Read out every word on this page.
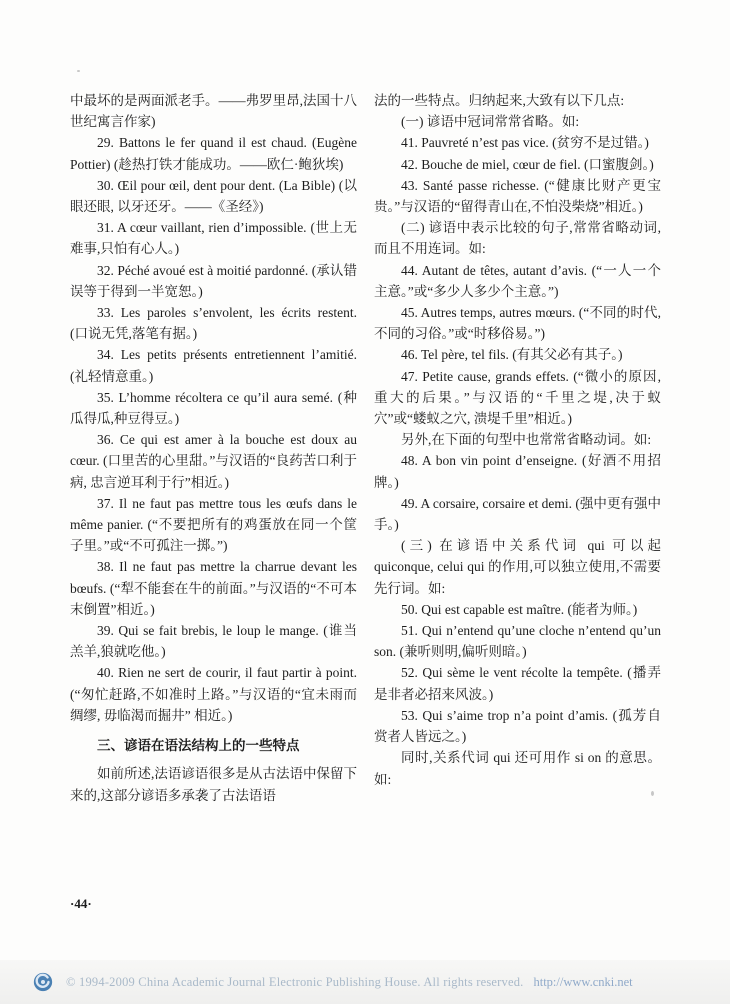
中最坏的是两面派老手。——弗罗里昂,法国十八世纪寓言作家)

29. Battons le fer quand il est chaud. (Eugène Pottier) (趁热打铁才能成功。——欧仁·鲍狄埃)

30. Œil pour œil, dent pour dent. (La Bible) (以眼还眼, 以牙还牙。——《圣经》)

31. A cœur vaillant, rien d’impossible. (世上无难事,只怕有心人。)

32. Péché avoué est à moitié pardonné. (承认错误等于得到一半宽恕。)

33. Les paroles s’envolent, les écrits restent. (口说无凭,落笔有据。)

34. Les petits présents entretiennent l’amitié. (礼轻情意重。)

35. L’homme récoltera ce qu’il aura semé. (种瓜得瓜,种豆得豆。)

36. Ce qui est amer à la bouche est doux au cœur. (口里苦的心里甜。”与汉语的“良药苦口利于病, 忠言逆耳利于行”相近。)

37. Il ne faut pas mettre tous les œufs dans le même panier. (“不要把所有的鸡蛋放在同一个筐子里。”或“不可孤注一掷。”)

38. Il ne faut pas mettre la charrue devant les bœufs. (“犁不能套在牛的前面。”与汉语的“不可本末倒置”相近。)

39. Qui se fait brebis, le loup le mange. (谁当羔羊,狼就吃他。)

40. Rien ne sert de courir, il faut partir à point. (“匆忙赶路,不如准时上路。”与汉语的“宜未雨而绸缪, 毋临渴而掘井” 相近。)

三、谚语在语法结构上的一些特点

如前所述,法语谚语很多是从古法语中保留下来的,这部分谚语多承袭了古法语语

法的一些特点。归纳起来,大致有以下几点:

(一) 谚语中冠词常常省略。如:

41. Pauvreté n’est pas vice. (贫穷不是过错。)

42. Bouche de miel, cœur de fiel. (口蜜腹剑。)

43. Santé passe richesse. (“健康比财产更宝贵。”与汉语的“留得青山在,不怕没柴烧”相近。)

(二) 谚语中表示比较的句子,常常省略动词,而且不用连词。如:

44. Autant de têtes, autant d’avis. (“一人一个主意。”或“多少人多少个主意。”)

45. Autres temps, autres mœurs. (“不同的时代,不同的习俗。”或“时移俗易。”)

46. Tel père, tel fils. (有其父必有其子。)

47. Petite cause, grands effets. (“微小的原因, 重大的后果。”与汉语的“千里之堤,决于蚁穴”或“蝼蚁之穴, 溃堤千里”相近。)

另外,在下面的句型中也常常省略动词。如:

48. A bon vin point d’enseigne. (好酒不用招牌。)

49. A corsaire, corsaire et demi. (强中更有强中手。)

(三) 在谚语中关系代词 qui 可以起 quiconque, celui qui 的作用,可以独立使用,不需要先行词。如:

50. Qui est capable est maître. (能者为师。)

51. Qui n’entend qu’une cloche n’entend qu’un son. (兼听则明,偏听则暗。)

52. Qui sème le vent récolte la tempête. (播弄是非者必招来风波。)

53. Qui s’aime trop n’a point d’amis. (孤芳自赏者人皆远之。)

同时,关系代词 qui 还可用作 si on 的意思。如:

·44·
© 1994-2009 China Academic Journal Electronic Publishing House. All rights reserved. http://www.cnki.net
